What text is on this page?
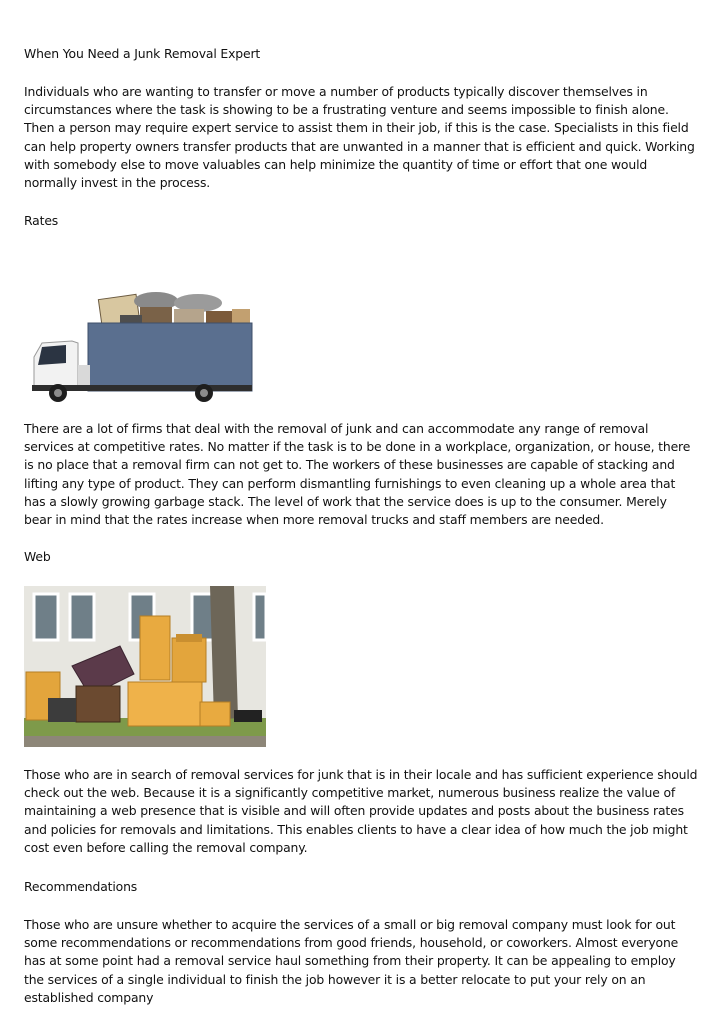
When You Need a Junk Removal Expert

Individuals who are wanting to transfer or move a number of products typically discover themselves in circumstances where the task is showing to be a frustrating venture and seems impossible to finish alone. Then a person may require expert service to assist them in their job, if this is the case. Specialists in this field can help property owners transfer products that are unwanted in a manner that is efficient and quick. Working with somebody else to move valuables can help minimize the quantity of time or effort that one would normally invest in the process.

Rates

There are a lot of firms that deal with the removal of junk and can accommodate any range of removal services at competitive rates. No matter if the task is to be done in a workplace, organization, or house, there is no place that a removal firm can not get to. The workers of these businesses are capable of stacking and lifting any type of product. They can perform dismantling furnishings to even cleaning up a whole area that has a slowly growing garbage stack. The level of work that the service does is up to the consumer. Merely bear in mind that the rates increase when more removal trucks and staff members are needed.

Web

Those who are in search of removal services for junk that is in their locale and has sufficient experience should check out the web. Because it is a significantly competitive market, numerous business realize the value of maintaining a web presence that is visible and will often provide updates and posts about the business rates and policies for removals and limitations. This enables clients to have a clear idea of how much the job might cost even before calling the removal company.

Recommendations

Those who are unsure whether to acquire the services of a small or big removal company must look for out some recommendations or recommendations from good friends, household, or coworkers. Almost everyone has at some point had a removal service haul something from their property. It can be appealing to employ the services of a single individual to finish the job however it is a better relocate to put your rely on an established company
